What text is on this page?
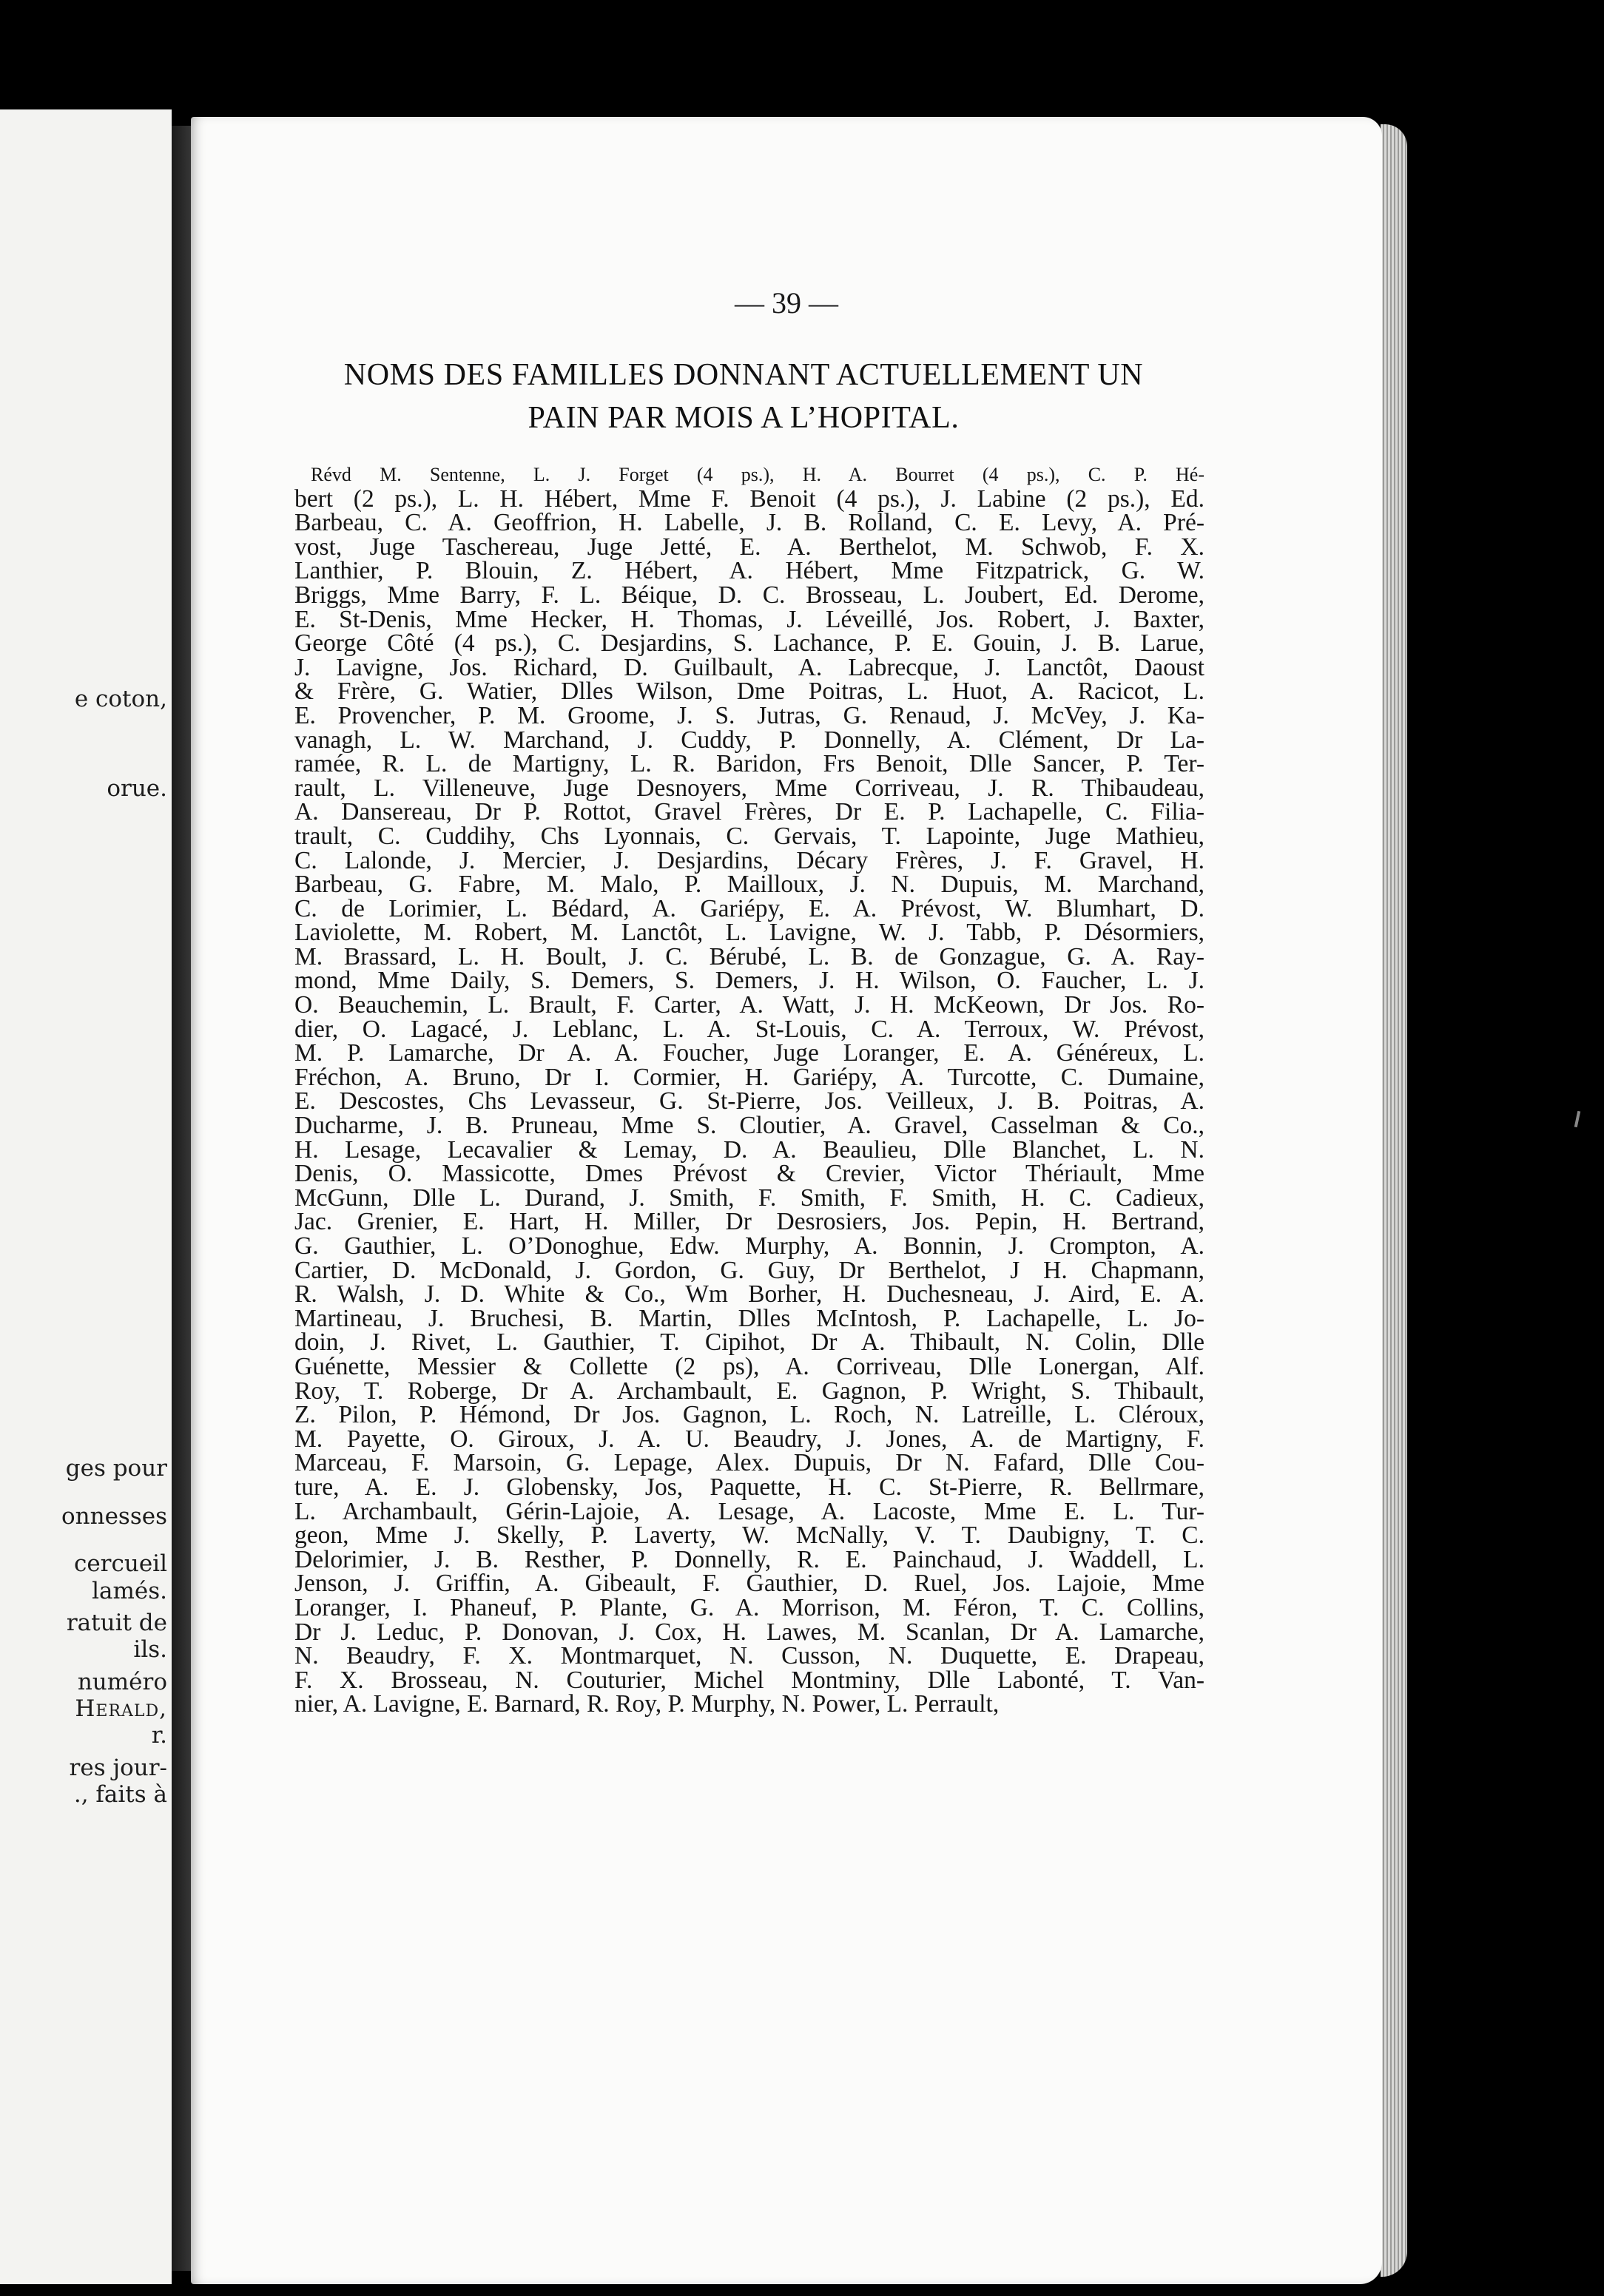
e coton,
orue.
ges pour
onnesses
cercueil
lamés.
ratuit de
ils.
numéro
Herald,
r.
res jour-
., faits à
— 39 —
NOMS DES FAMILLES DONNANT ACTUELLEMENT UN
PAIN PAR MOIS A L’HOPITAL.
Révd M. Sentenne, L. J. Forget (4 ps.), H. A. Bourret (4 ps.), C. P. Hé-
bert (2 ps.), L. H. Hébert, Mme F. Benoit (4 ps.), J. Labine (2 ps.), Ed.
Barbeau, C. A. Geoffrion, H. Labelle, J. B. Rolland, C. E. Levy, A. Pré-
vost, Juge Taschereau, Juge Jetté, E. A. Berthelot, M. Schwob, F. X.
Lanthier, P. Blouin, Z. Hébert, A. Hébert, Mme Fitzpatrick, G. W.
Briggs, Mme Barry, F. L. Béique, D. C. Brosseau, L. Joubert, Ed. Derome,
E. St-Denis, Mme Hecker, H. Thomas, J. Léveillé, Jos. Robert, J. Baxter,
George Côté (4 ps.), C. Desjardins, S. Lachance, P. E. Gouin, J. B. Larue,
J. Lavigne, Jos. Richard, D. Guilbault, A. Labrecque, J. Lanctôt, Daoust
& Frère, G. Watier, Dlles Wilson, Dme Poitras, L. Huot, A. Racicot, L.
E. Provencher, P. M. Groome, J. S. Jutras, G. Renaud, J. McVey, J. Ka-
vanagh, L. W. Marchand, J. Cuddy, P. Donnelly, A. Clément, Dr La-
ramée, R. L. de Martigny, L. R. Baridon, Frs Benoit, Dlle Sancer, P. Ter-
rault, L. Villeneuve, Juge Desnoyers, Mme Corriveau, J. R. Thibaudeau,
A. Dansereau, Dr P. Rottot, Gravel Frères, Dr E. P. Lachapelle, C. Filia-
trault, C. Cuddihy, Chs Lyonnais, C. Gervais, T. Lapointe, Juge Mathieu,
C. Lalonde, J. Mercier, J. Desjardins, Décary Frères, J. F. Gravel, H.
Barbeau, G. Fabre, M. Malo, P. Mailloux, J. N. Dupuis, M. Marchand,
C. de Lorimier, L. Bédard, A. Gariépy, E. A. Prévost, W. Blumhart, D.
Laviolette, M. Robert, M. Lanctôt, L. Lavigne, W. J. Tabb, P. Désormiers,
M. Brassard, L. H. Boult, J. C. Bérubé, L. B. de Gonzague, G. A. Ray-
mond, Mme Daily, S. Demers, S. Demers, J. H. Wilson, O. Faucher, L. J.
O. Beauchemin, L. Brault, F. Carter, A. Watt, J. H. McKeown, Dr Jos. Ro-
dier, O. Lagacé, J. Leblanc, L. A. St-Louis, C. A. Terroux, W. Prévost,
M. P. Lamarche, Dr A. A. Foucher, Juge Loranger, E. A. Généreux, L.
Fréchon, A. Bruno, Dr I. Cormier, H. Gariépy, A. Turcotte, C. Dumaine,
E. Descostes, Chs Levasseur, G. St-Pierre, Jos. Veilleux, J. B. Poitras, A.
Ducharme, J. B. Pruneau, Mme S. Cloutier, A. Gravel, Casselman & Co.,
H. Lesage, Lecavalier & Lemay, D. A. Beaulieu, Dlle Blanchet, L. N.
Denis, O. Massicotte, Dmes Prévost & Crevier, Victor Thériault, Mme
McGunn, Dlle L. Durand, J. Smith, F. Smith, F. Smith, H. C. Cadieux,
Jac. Grenier, E. Hart, H. Miller, Dr Desrosiers, Jos. Pepin, H. Bertrand,
G. Gauthier, L. O’Donoghue, Edw. Murphy, A. Bonnin, J. Crompton, A.
Cartier, D. McDonald, J. Gordon, G. Guy, Dr Berthelot, J H. Chapmann,
R. Walsh, J. D. White & Co., Wm Borher, H. Duchesneau, J. Aird, E. A.
Martineau, J. Bruchesi, B. Martin, Dlles McIntosh, P. Lachapelle, L. Jo-
doin, J. Rivet, L. Gauthier, T. Cipihot, Dr A. Thibault, N. Colin, Dlle
Guénette, Messier & Collette (2 ps), A. Corriveau, Dlle Lonergan, Alf.
Roy, T. Roberge, Dr A. Archambault, E. Gagnon, P. Wright, S. Thibault,
Z. Pilon, P. Hémond, Dr Jos. Gagnon, L. Roch, N. Latreille, L. Cléroux,
M. Payette, O. Giroux, J. A. U. Beaudry, J. Jones, A. de Martigny, F.
Marceau, F. Marsoin, G. Lepage, Alex. Dupuis, Dr N. Fafard, Dlle Cou-
ture, A. E. J. Globensky, Jos, Paquette, H. C. St-Pierre, R. Bellrmare,
L. Archambault, Gérin-Lajoie, A. Lesage, A. Lacoste, Mme E. L. Tur-
geon, Mme J. Skelly, P. Laverty, W. McNally, V. T. Daubigny, T. C.
Delorimier, J. B. Resther, P. Donnelly, R. E. Painchaud, J. Waddell, L.
Jenson, J. Griffin, A. Gibeault, F. Gauthier, D. Ruel, Jos. Lajoie, Mme
Loranger, I. Phaneuf, P. Plante, G. A. Morrison, M. Féron, T. C. Collins,
Dr J. Leduc, P. Donovan, J. Cox, H. Lawes, M. Scanlan, Dr A. Lamarche,
N. Beaudry, F. X. Montmarquet, N. Cusson, N. Duquette, E. Drapeau,
F. X. Brosseau, N. Couturier, Michel Montminy, Dlle Labonté, T. Van-
nier, A. Lavigne, E. Barnard, R. Roy, P. Murphy, N. Power, L. Perrault,
